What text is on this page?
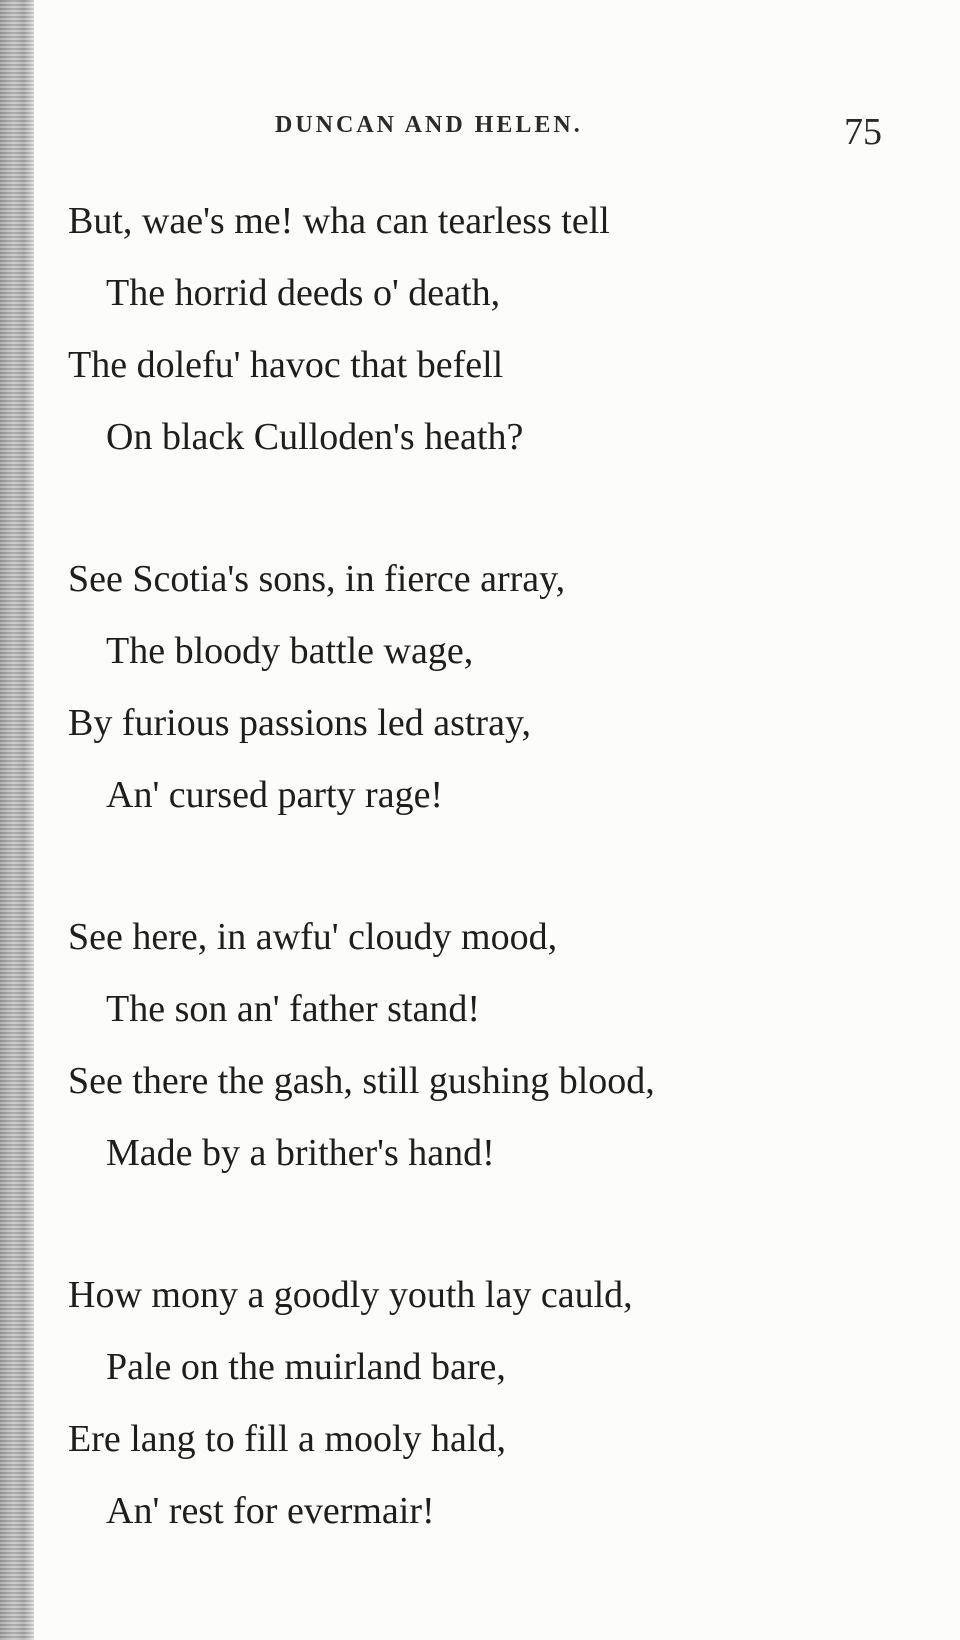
DUNCAN AND HELEN.	75
But, wae's me! wha can tearless tell
The horrid deeds o' death,
The dolefu' havoc that befell
On black Culloden's heath?
See Scotia's sons, in fierce array,
The bloody battle wage,
By furious passions led astray,
An' cursed party rage!
See here, in awfu' cloudy mood,
The son an' father stand!
See there the gash, still gushing blood,
Made by a brither's hand!
How mony a goodly youth lay cauld,
Pale on the muirland bare,
Ere lang to fill a mooly hald,
An' rest for evermair!
